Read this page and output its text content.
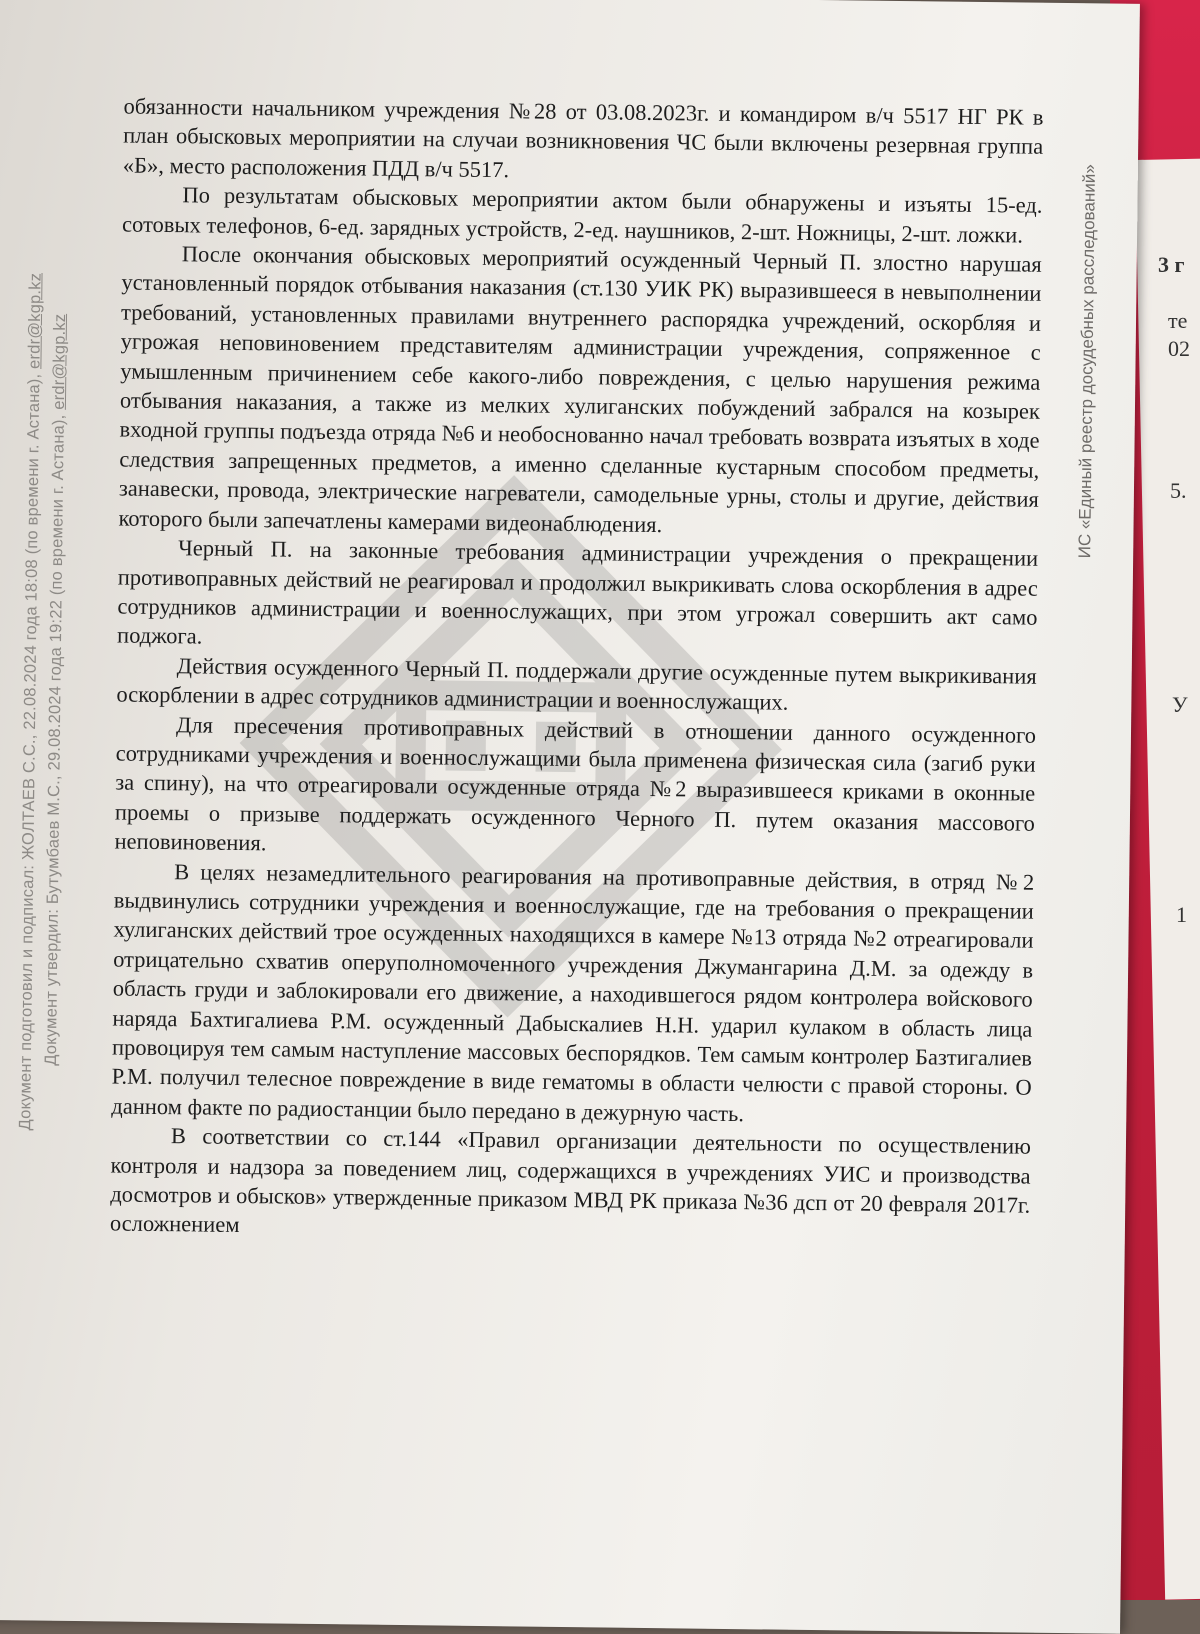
3 г
те
02
5.
У
1
Документ подготовил и подписал: ЖОЛТАЕВ С.С., 22.08.2024 года 18:08 (по времени г. Астана), erdr@kgp.kz
Документ утвердил: Бутумбаев М.С., 29.08.2024 года 19:22 (по времени г. Астана), erdr@kgp.kz	ИС «Единый реестр досудебных расследований»

обязанности начальником учреждения №28 от 03.08.2023г. и командиром в/ч 5517 НГ РК в план обысковых мероприятии на случаи возникновения ЧС были включены резервная группа «Б», место расположения ПДД в/ч 5517.

По результатам обысковых мероприятии актом были обнаружены и изъяты 15-ед. сотовых телефонов, 6-ед. зарядных устройств, 2-ед. наушников, 2-шт. Ножницы, 2-шт. ложки.

После окончания обысковых мероприятий осужденный Черный П. злостно нарушая установленный порядок отбывания наказания (ст.130 УИК РК) выразившееся в невыполнении требований, установленных правилами внутреннего распорядка учреждений, оскорбляя и угрожая неповиновением представителям администрации учреждения, сопряженное с умышленным причинением себе какого-либо повреждения, с целью нарушения режима отбывания наказания, а также из мелких хулиганских побуждений забрался на козырек входной группы подъезда отряда №6 и необоснованно начал требовать возврата изъятых в ходе следствия запрещенных предметов, а именно сделанные кустарным способом предметы, занавески, провода, электрические нагреватели, самодельные урны, столы и другие, действия которого были запечатлены камерами видеонаблюдения.

Черный П. на законные требования администрации учреждения о прекращении противоправных действий не реагировал и продолжил выкрикивать слова оскорбления в адрес сотрудников администрации и военнослужащих, при этом угрожал совершить акт само поджога.

Действия осужденного Черный П. поддержали другие осужденные путем выкрикивания оскорблении в адрес сотрудников администрации и военнослужащих.

Для пресечения противоправных действий в отношении данного осужденного сотрудниками учреждения и военнослужащими была применена физическая сила (загиб руки за спину), на что отреагировали осужденные отряда №2 выразившееся криками в оконные проемы о призыве поддержать осужденного Черного П. путем оказания массового неповиновения.

В целях незамедлительного реагирования на противоправные действия, в отряд №2 выдвинулись сотрудники учреждения и военнослужащие, где на требования о прекращении хулиганских действий трое осужденных находящихся в камере №13 отряда №2 отреагировали отрицательно схватив оперуполномоченного учреждения Джумангарина Д.М. за одежду в область груди и заблокировали его движение, а находившегося рядом контролера войскового наряда Бахтигалиева Р.М. осужденный Дабыскалиев Н.Н. ударил кулаком в область лица провоцируя тем самым наступление массовых беспорядков. Тем самым контролер Базтигалиев Р.М. получил телесное повреждение в виде гематомы в области челюсти с правой стороны. О данном факте по радиостанции было передано в дежурную часть.

В соответствии со ст.144 «Правил организации деятельности по осуществлению контроля и надзора за поведением лиц, содержащихся в учреждениях УИС и производства досмотров и обысков» утвержденные приказом МВД РК приказа №36 дсп от 20 февраля 2017г. осложнением
